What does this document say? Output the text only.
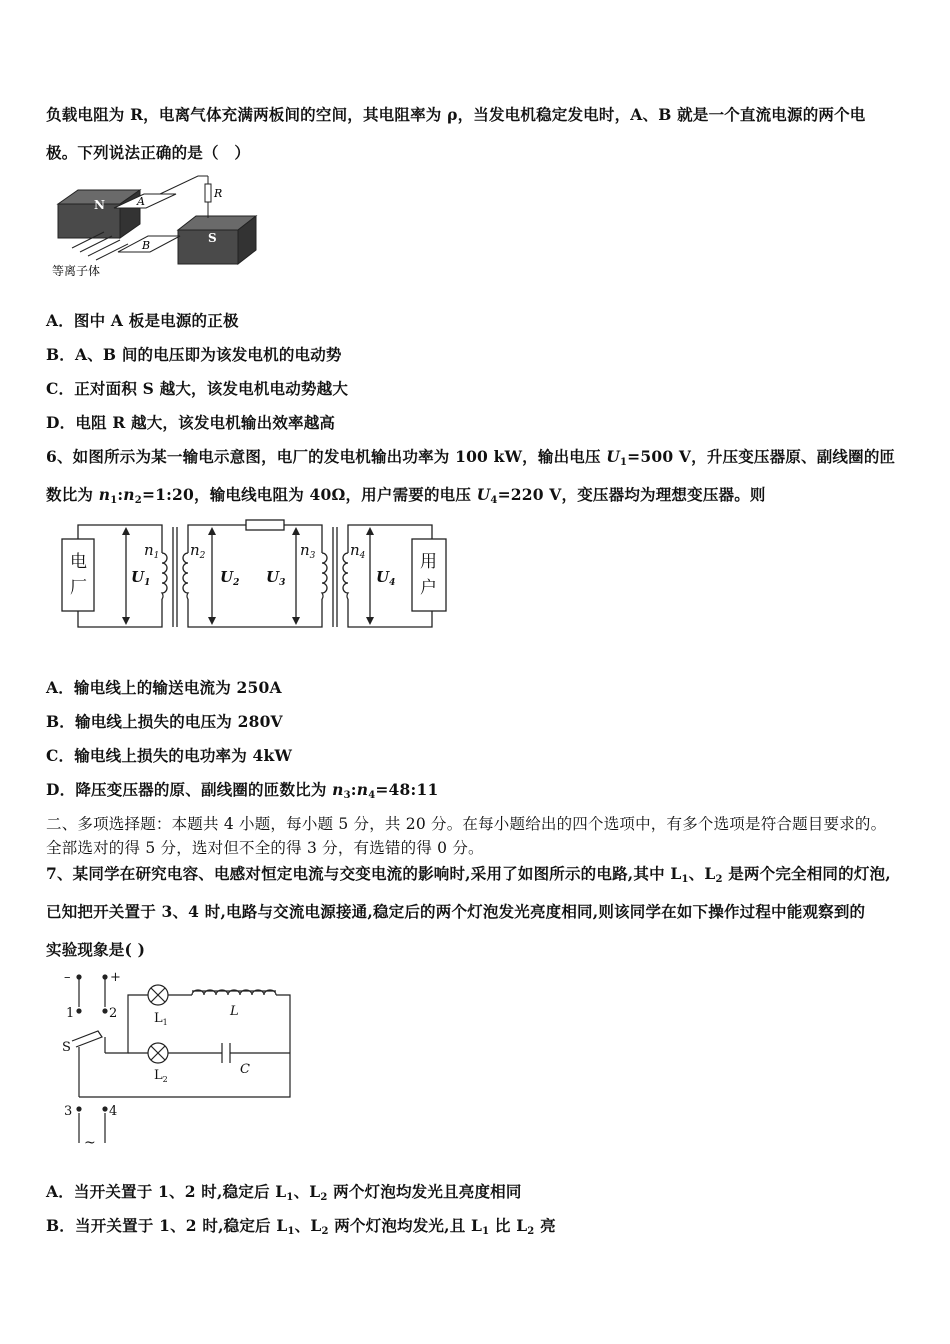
负载电阻为 R，电离气体充满两板间的空间，其电阻率为 ρ，当发电机稳定发电时，A、B 就是一个直流电源的两个电
极。下列说法正确的是（　）
N
S
A
B
R
等离子体
A．图中 A 板是电源的正极
B．A、B 间的电压即为该发电机的电动势
C．正对面积 S 越大，该发电机电动势越大
D．电阻 R 越大，该发电机输出效率越高
6、如图所示为某一输电示意图，电厂的发电机输出功率为 100 kW，输出电压 $U_1=500$ V，升压变压器原、副线圈的匝
数比为 $n_1:n_2=1:20$，输电线电阻为 40Ω，用户需要的电压 $U_4=220$ V，变压器均为理想变压器。则
电
厂
$U_1$
$n_1$ $n_2$
$U_2$ $U_3$
$n_3$ $n_4$
$U_4$
用
户
A．输电线上的输送电流为 250A
B．输电线上损失的电压为 280V
C．输电线上损失的电功率为 4kW
D．降压变压器的原、副线圈的匝数比为 $n_3:n_4=48:11$
二、多项选择题：本题共 4 小题，每小题 5 分，共 20 分。在每小题给出的四个选项中，有多个选项是符合题目要求的。
全部选对的得 5 分，选对但不全的得 3 分，有选错的得 0 分。
7、某同学在研究电容、电感对恒定电流与交变电流的影响时,采用了如图所示的电路,其中 $L_1$、$L_2$ 是两个完全相同的灯泡,
已知把开关置于 3、4 时,电路与交流电源接通,稳定后的两个灯泡发光亮度相同,则该同学在如下操作过程中能观察到的
实验现象是( )
–	+
1	2
S
$L_1$
L
$L_2$
C
3	4
~
A．当开关置于 1、2 时,稳定后 $L_1$、$L_2$ 两个灯泡均发光且亮度相同
B．当开关置于 1、2 时,稳定后 $L_1$、$L_2$ 两个灯泡均发光,且 $L_1$ 比 $L_2$ 亮
